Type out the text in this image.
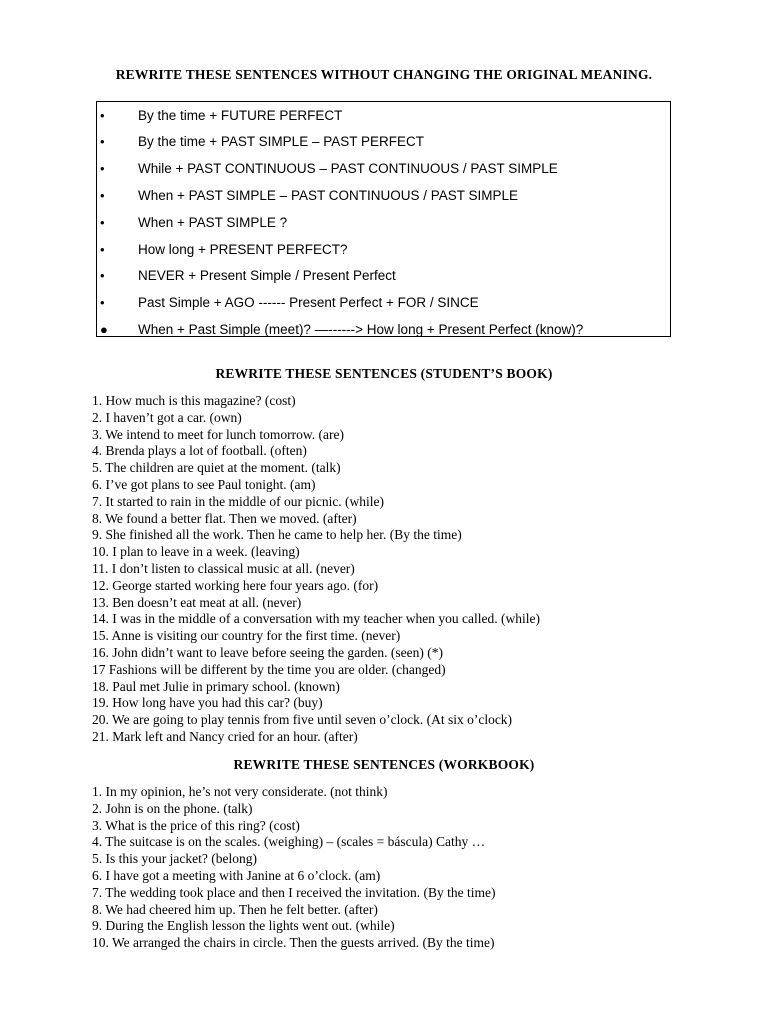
REWRITE THESE SENTENCES WITHOUT CHANGING THE ORIGINAL MEANING.
• By the time + FUTURE PERFECT
• By the time + PAST SIMPLE – PAST PERFECT
• While + PAST CONTINUOUS – PAST CONTINUOUS / PAST SIMPLE
• When + PAST SIMPLE – PAST CONTINUOUS / PAST SIMPLE
• When + PAST SIMPLE ?
• How long + PRESENT PERFECT?
• NEVER + Present Simple / Present Perfect
• Past Simple + AGO ------ Present Perfect + FOR / SINCE
● When + Past Simple (meet)? —------> How long + Present Perfect (know)?
REWRITE THESE SENTENCES (STUDENT’S BOOK)
1. How much is this magazine? (cost)
2. I haven’t got a car. (own)
3. We intend to meet for lunch tomorrow. (are)
4. Brenda plays a lot of football. (often)
5. The children are quiet at the moment. (talk)
6. I’ve got plans to see Paul tonight. (am)
7. It started to rain in the middle of our picnic. (while)
8. We found a better flat. Then we moved. (after)
9. She finished all the work. Then he came to help her. (By the time)
10. I plan to leave in a week. (leaving)
11. I don’t listen to classical music at all. (never)
12. George started working here four years ago. (for)
13. Ben doesn’t eat meat at all. (never)
14. I was in the middle of a conversation with my teacher when you called. (while)
15. Anne is visiting our country for the first time. (never)
16. John didn’t want to leave before seeing the garden. (seen) (*)
17 Fashions will be different by the time you are older. (changed)
18. Paul met Julie in primary school. (known)
19. How long have you had this car? (buy)
20. We are going to play tennis from five until seven o’clock. (At six o’clock)
21. Mark left and Nancy cried for an hour. (after)
REWRITE THESE SENTENCES (WORKBOOK)
1. In my opinion, he’s not very considerate. (not think)
2. John is on the phone. (talk)
3. What is the price of this ring? (cost)
4. The suitcase is on the scales. (weighing) – (scales = báscula) Cathy …
5. Is this your jacket? (belong)
6. I have got a meeting with Janine at 6 o’clock. (am)
7. The wedding took place and then I received the invitation. (By the time)
8. We had cheered him up. Then he felt better. (after)
9. During the English lesson the lights went out. (while)
10. We arranged the chairs in circle. Then the guests arrived. (By the time)
